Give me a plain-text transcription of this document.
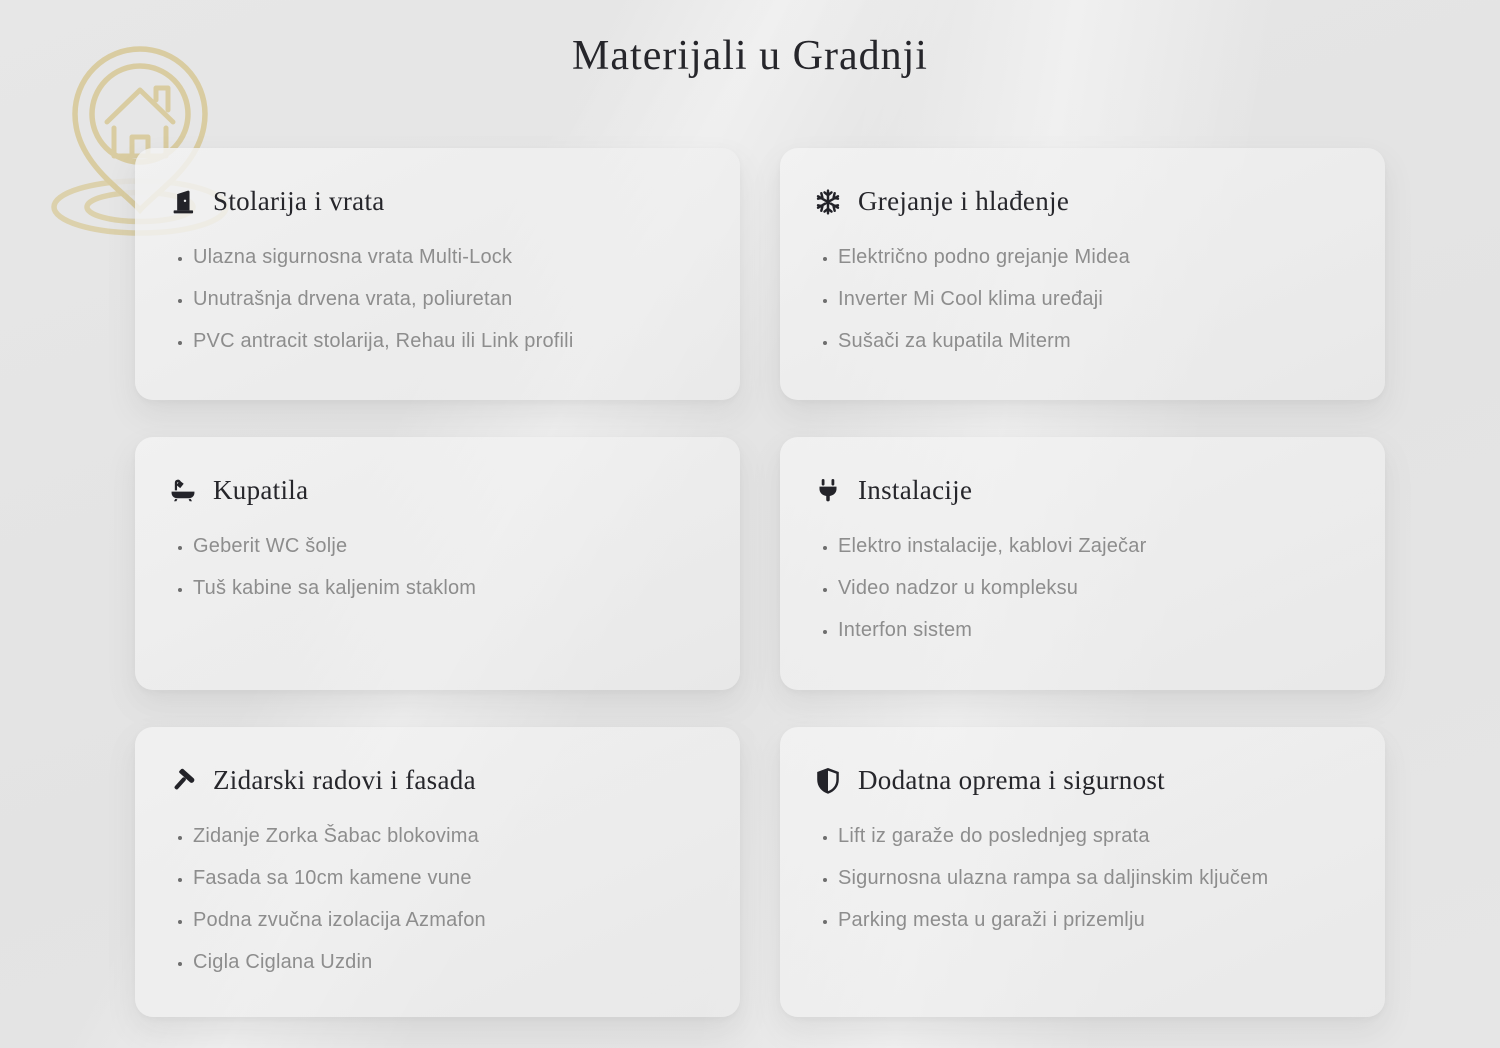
Materijali u Gradnji
Stolarija i vrata
• Ulazna sigurnosna vrata Multi-Lock
• Unutrašnja drvena vrata, poliuretan
• PVC antracit stolarija, Rehau ili Link profili
Grejanje i hlađenje
• Električno podno grejanje Midea
• Inverter Mi Cool klima uređaji
• Sušači za kupatila Miterm
Kupatila
• Geberit WC šolje
• Tuš kabine sa kaljenim staklom
Instalacije
• Elektro instalacije, kablovi Zaječar
• Video nadzor u kompleksu
• Interfon sistem
Zidarski radovi i fasada
• Zidanje Zorka Šabac blokovima
• Fasada sa 10cm kamene vune
• Podna zvučna izolacija Azmafon
• Cigla Ciglana Uzdin
Dodatna oprema i sigurnost
• Lift iz garaže do poslednjeg sprata
• Sigurnosna ulazna rampa sa daljinskim ključem
• Parking mesta u garaži i prizemlju
